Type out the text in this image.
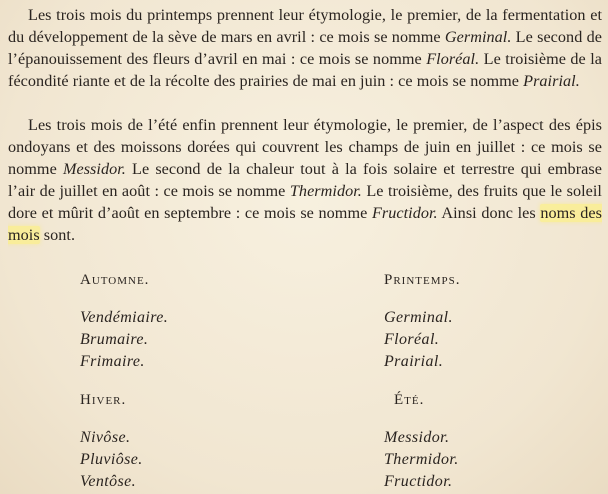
Les trois mois du printemps prennent leur étymologie, le premier, de la fermentation et du développement de la sève de mars en avril : ce mois se nomme Germinal. Le second de l’épanouissement des fleurs d’avril en mai : ce mois se nomme Floréal. Le troisième de la fécondité riante et de la récolte des prairies de mai en juin : ce mois se nomme Prairial.

Les trois mois de l’été enfin prennent leur étymologie, le premier, de l’aspect des épis ondoyans et des moissons dorées qui couvrent les champs de juin en juillet : ce mois se nomme Messidor. Le second de la chaleur tout à la fois solaire et terrestre qui embrase l’air de juillet en août : ce mois se nomme Thermidor. Le troisième, des fruits que le soleil dore et mûrit d’août en septembre : ce mois se nomme Fructidor. Ainsi donc les noms des mois sont.

Automne.
Vendémiaire.
Brumaire.
Frimaire.
Hiver.
Nivôse.
Pluviôse.
Ventôse.
Printemps.
Germinal.
Floréal.
Prairial.
Été.
Messidor.
Thermidor.
Fructidor.
